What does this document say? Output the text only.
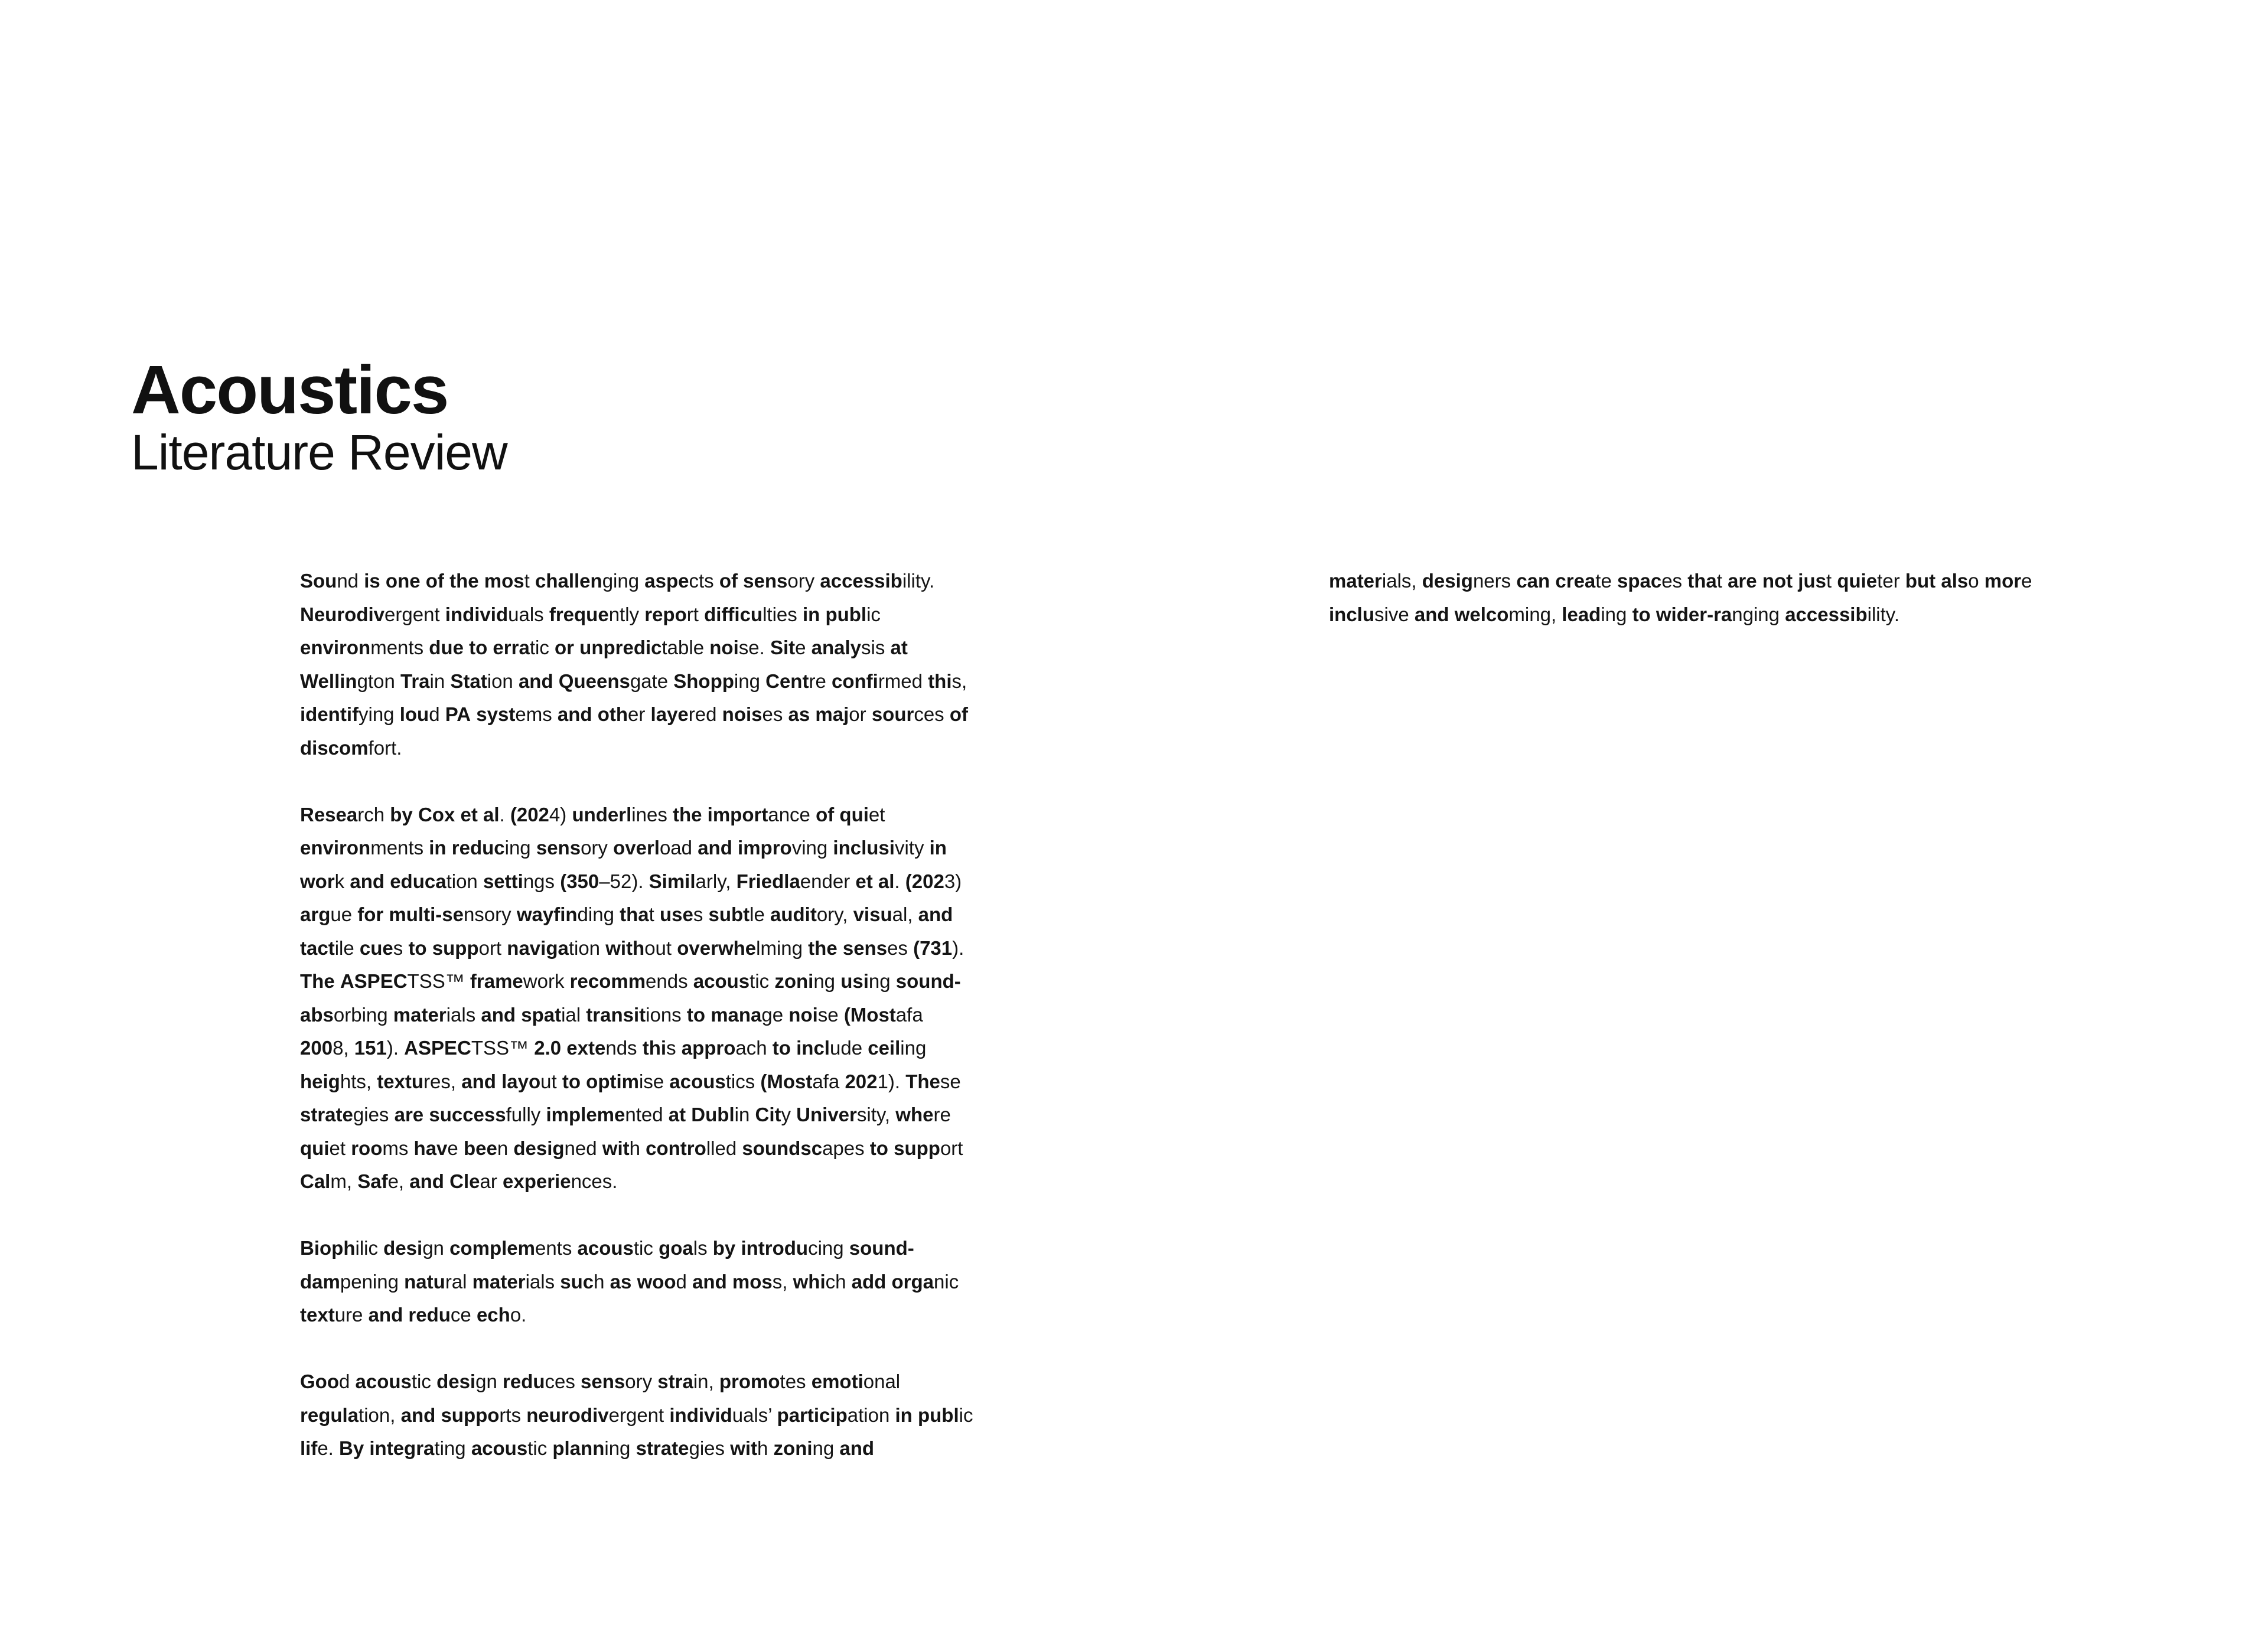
Acoustics
Literature Review

Sound is one of the most challenging aspects of sensory accessibility. Neurodivergent individuals frequently report difficulties in public environments due to erratic or unpredictable noise. Site analysis at Wellington Train Station and Queensgate Shopping Centre confirmed this, identifying loud PA systems and other layered noises as major sources of discomfort.

Research by Cox et al. (2024) underlines the importance of quiet environments in reducing sensory overload and improving inclusivity in work and education settings (350–52). Similarly, Friedlaender et al. (2023) argue for multi-sensory wayfinding that uses subtle auditory, visual, and tactile cues to support navigation without overwhelming the senses (731).

The ASPECTSS™ framework recommends acoustic zoning using sound-absorbing materials and spatial transitions to manage noise (Mostafa 2008, 151). ASPECTSS™ 2.0 extends this approach to include ceiling heights, textures, and layout to optimise acoustics (Mostafa 2021). These strategies are successfully implemented at Dublin City University, where quiet rooms have been designed with controlled soundscapes to support Calm, Safe, and Clear experiences.

Biophilic design complements acoustic goals by introducing sound-dampening natural materials such as wood and moss, which add organic texture and reduce echo.

Good acoustic design reduces sensory strain, promotes emotional regulation, and supports neurodivergent individuals’ participation in public life. By integrating acoustic planning strategies with zoning and

materials, designers can create spaces that are not just quieter but also more inclusive and welcoming, leading to wider-ranging accessibility.
